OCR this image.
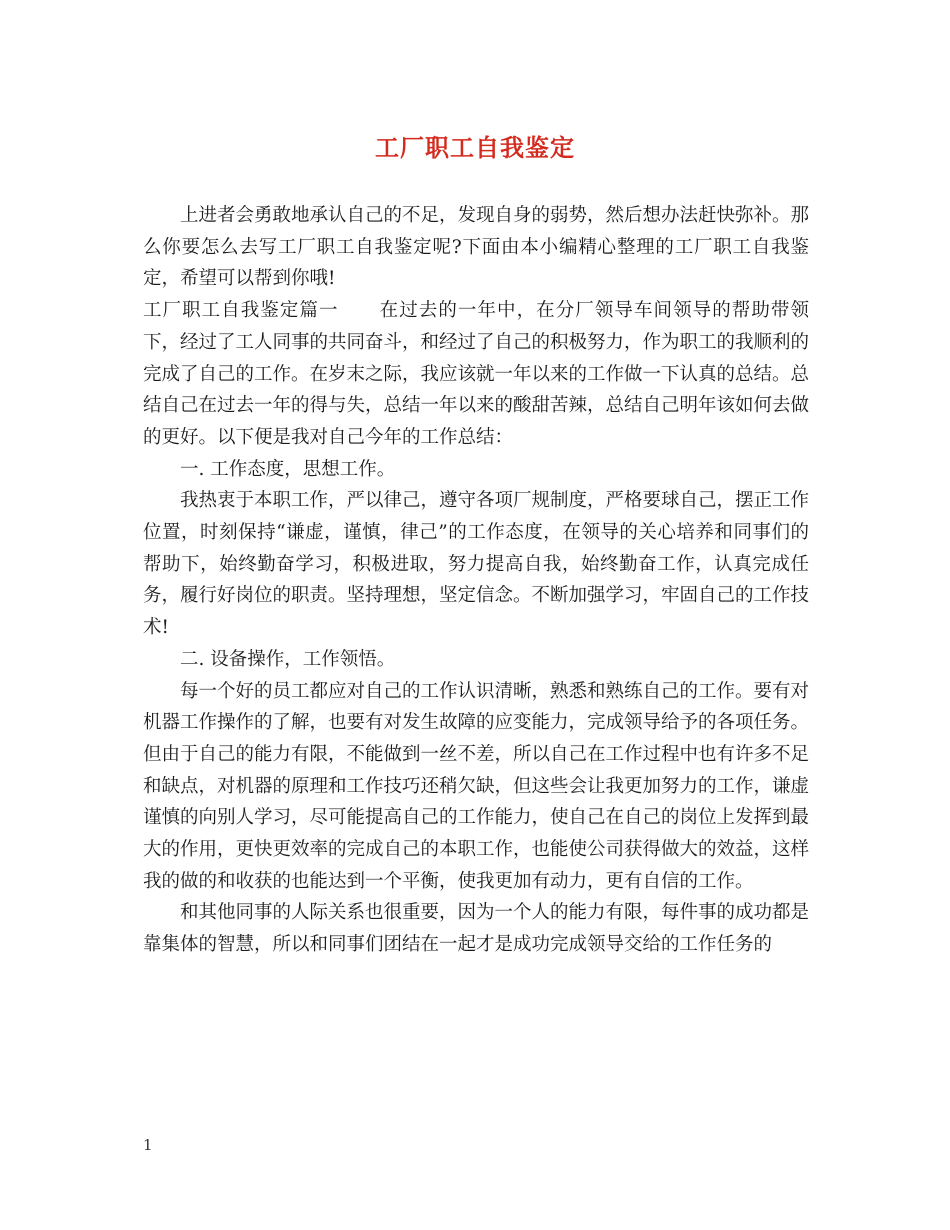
工厂职工自我鉴定

上进者会勇敢地承认自己的不足，发现自身的弱势，然后想办法赶快弥补。那么你要怎么去写工厂职工自我鉴定呢?下面由本小编精心整理的工厂职工自我鉴定，希望可以帮到你哦!

工厂职工自我鉴定篇一 在过去的一年中，在分厂领导车间领导的帮助带领下，经过了工人同事的共同奋斗，和经过了自己的积极努力，作为职工的我顺利的完成了自己的工作。在岁末之际，我应该就一年以来的工作做一下认真的总结。总结自己在过去一年的得与失，总结一年以来的酸甜苦辣，总结自己明年该如何去做的更好。以下便是我对自己今年的工作总结：

一. 工作态度，思想工作。

我热衷于本职工作，严以律己，遵守各项厂规制度，严格要球自己，摆正工作位置，时刻保持“谦虚，谨慎，律己”的工作态度，在领导的关心培养和同事们的帮助下，始终勤奋学习，积极进取，努力提高自我，始终勤奋工作，认真完成任务，履行好岗位的职责。坚持理想，坚定信念。不断加强学习，牢固自己的工作技术!

二. 设备操作，工作领悟。

每一个好的员工都应对自己的工作认识清晰，熟悉和熟练自己的工作。要有对机器工作操作的了解，也要有对发生故障的应变能力，完成领导给予的各项任务。但由于自己的能力有限，不能做到一丝不差，所以自己在工作过程中也有许多不足和缺点，对机器的原理和工作技巧还稍欠缺，但这些会让我更加努力的工作，谦虚谨慎的向别人学习，尽可能提高自己的工作能力，使自己在自己的岗位上发挥到最大的作用，更快更效率的完成自己的本职工作，也能使公司获得做大的效益，这样我的做的和收获的也能达到一个平衡，使我更加有动力，更有自信的工作。

和其他同事的人际关系也很重要，因为一个人的能力有限，每件事的成功都是靠集体的智慧，所以和同事们团结在一起才是成功完成领导交给的工作任务的

1
